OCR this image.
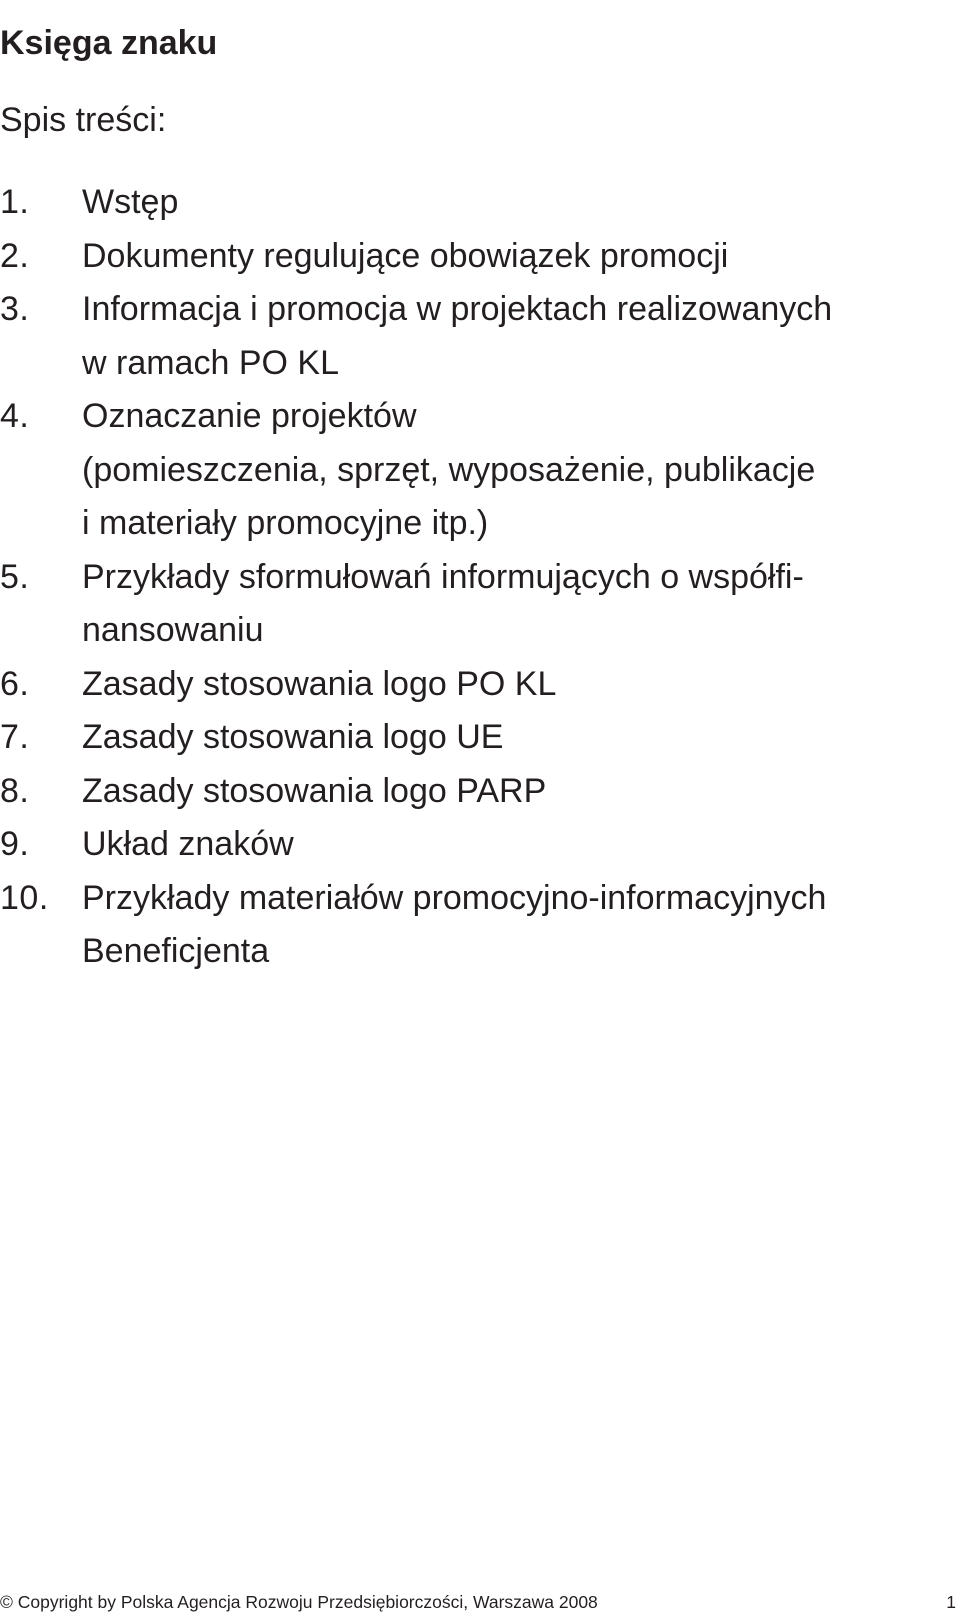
Księga znaku
Spis treści:
1.	Wstęp
2.	Dokumenty regulujące obowiązek promocji
3.	Informacja i promocja w projektach realizowanych
w ramach PO KL
4.	Oznaczanie projektów
(pomieszczenia, sprzęt, wyposażenie, publikacje
i materiały promocyjne itp.)
5.	Przykłady sformułowań informujących o współfi-
nansowaniu
6.	Zasady stosowania logo PO KL
7.	Zasady stosowania logo UE
8.	Zasady stosowania logo PARP
9.	Układ znaków
10. Przykłady materiałów promocyjno-informacyjnych
Beneficjenta
© Copyright by Polska Agencja Rozwoju Przedsiębiorczości, Warszawa 2008	1
